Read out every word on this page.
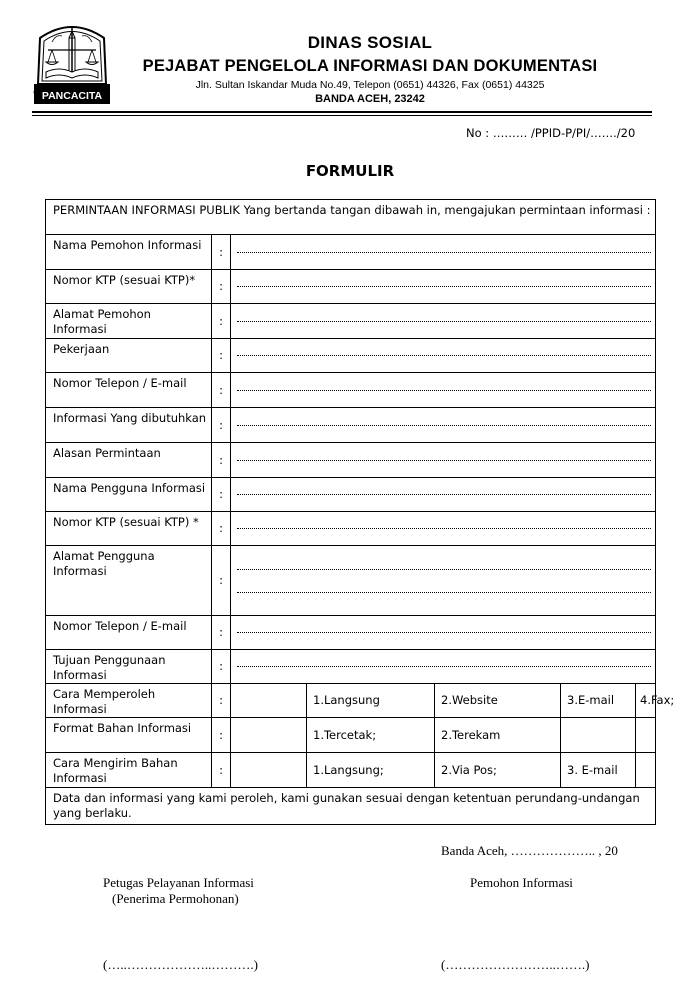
PANCACITA
DINAS SOSIAL
PEJABAT PENGELOLA INFORMASI DAN DOKUMENTASI
Jln. Sultan Iskandar Muda No.49, Telepon (0651) 44326, Fax (0651) 44325
BANDA ACEH, 23242
No : ……… /PPID-P/PI/……./20
FORMULIR
PERMINTAAN INFORMASI PUBLIK Yang bertanda tangan dibawah in, mengajukan permintaan informasi :						
Nama Pemohon Informasi	:					

Nomor KTP (sesuai KTP)*	:					

Alamat Pemohon Informasi	:					

Pekerjaan	:					

Nomor Telepon / E-mail	:					

Informasi Yang dibutuhkan	:					

Alasan Permintaan	:					

Nama Pengguna Informasi	:					

Nomor KTP (sesuai KTP) *	:					

Alamat Pengguna Informasi	:					

Nomor Telepon / E-mail	:					

Tujuan Penggunaan Informasi	:					

Cara Memperoleh Informasi	:		1.Langsung	2.Website	3.E-mail	4.Fax;
Format Bahan Informasi	:		1.Tercetak;	2.Terekam		
Cara Mengirim Bahan Informasi	:		1.Langsung;	2.Via Pos;	3. E-mail	
Data dan informasi yang kami peroleh, kami gunakan sesuai dengan ketentuan perundang-undangan yang berlaku.						
Banda Aceh, ……………….. , 20
Petugas Pelayanan Informasi
(Penerima Permohonan)
Pemohon Informasi
(…..………………..……….)	(……………………..…….)
